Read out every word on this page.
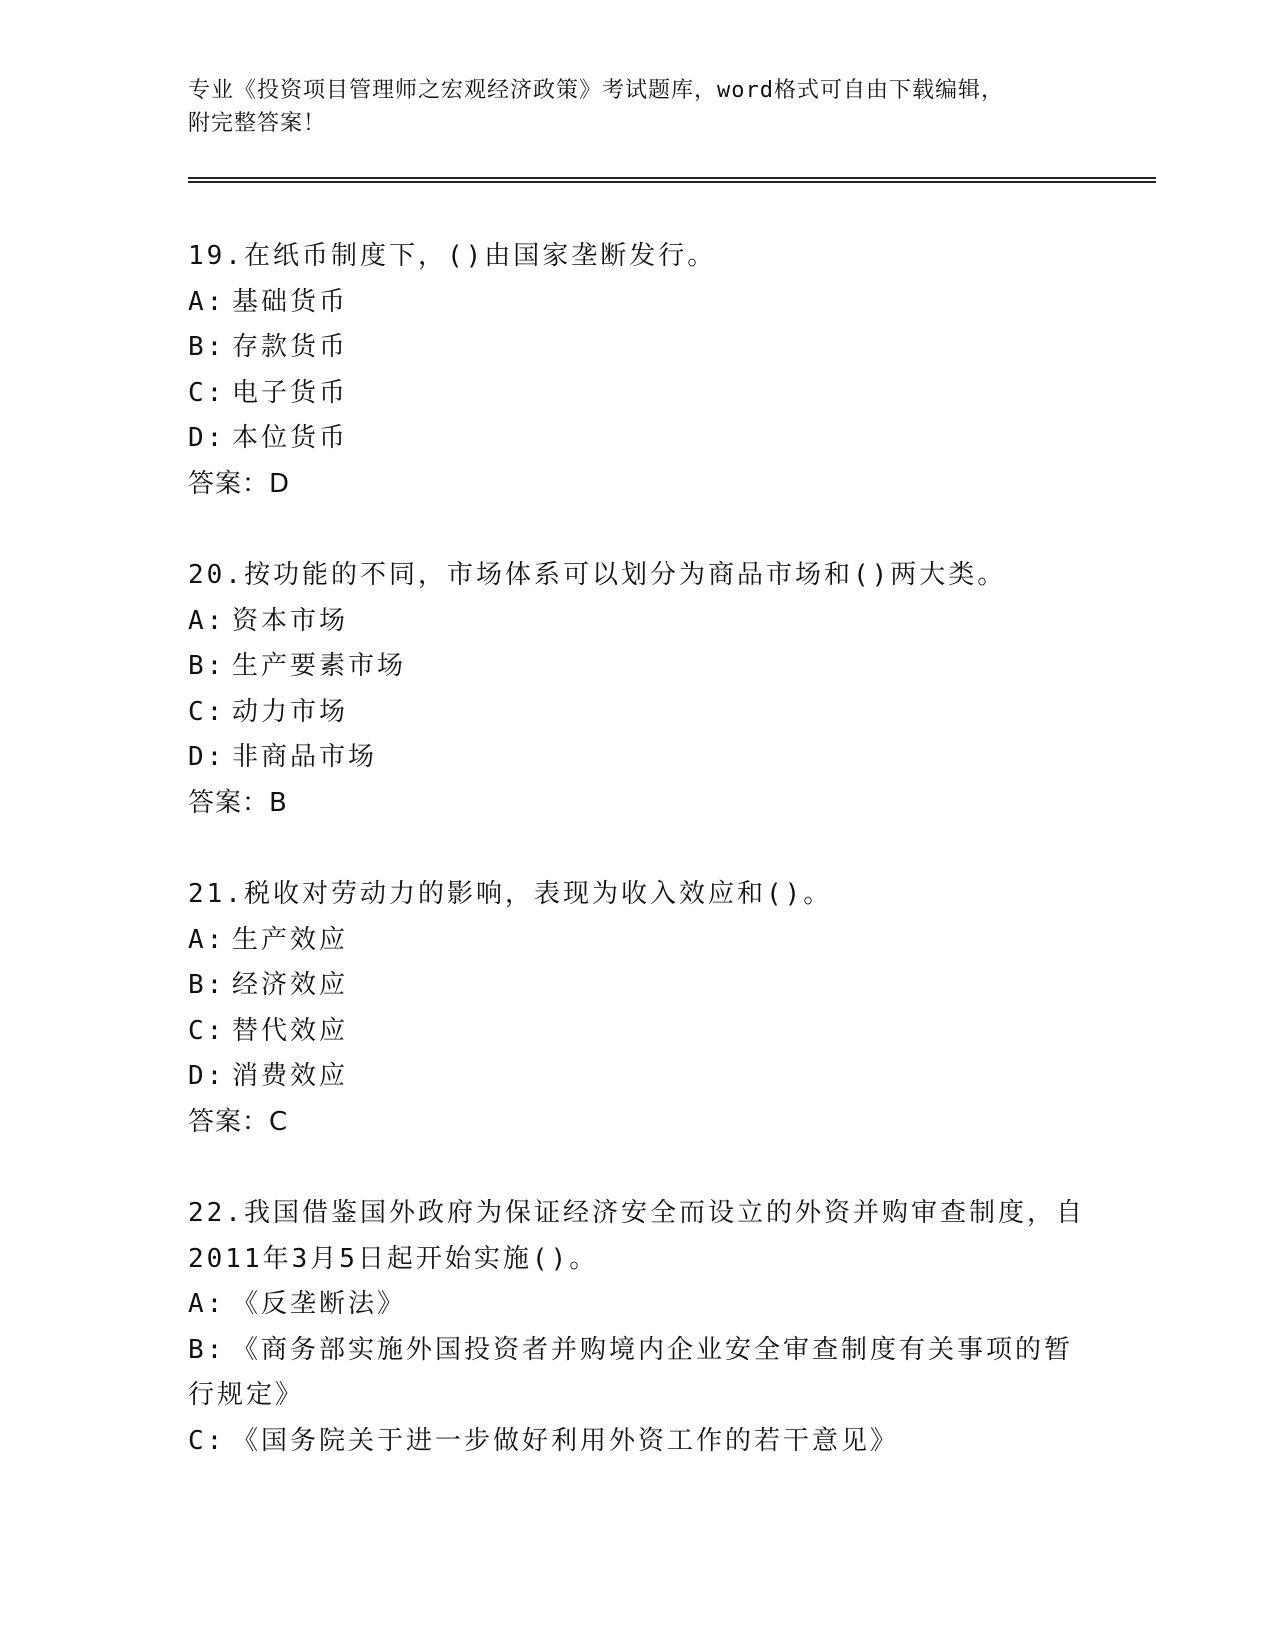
专业《投资项目管理师之宏观经济政策》考试题库，word格式可自由下载编辑，
附完整答案！

19.在纸币制度下，()由国家垄断发行。

A: 基础货币

B: 存款货币

C: 电子货币

D: 本位货币

答案：D

20.按功能的不同，市场体系可以划分为商品市场和()两大类。

A: 资本市场

B: 生产要素市场

C: 动力市场

D: 非商品市场

答案：B

21.税收对劳动力的影响，表现为收入效应和()。

A: 生产效应

B: 经济效应

C: 替代效应

D: 消费效应

答案：C

22.我国借鉴国外政府为保证经济安全而设立的外资并购审查制度，自

2011年3月5日起开始实施()。

A: 《反垄断法》

B: 《商务部实施外国投资者并购境内企业安全审查制度有关事项的暂

行规定》

C: 《国务院关于进一步做好利用外资工作的若干意见》
